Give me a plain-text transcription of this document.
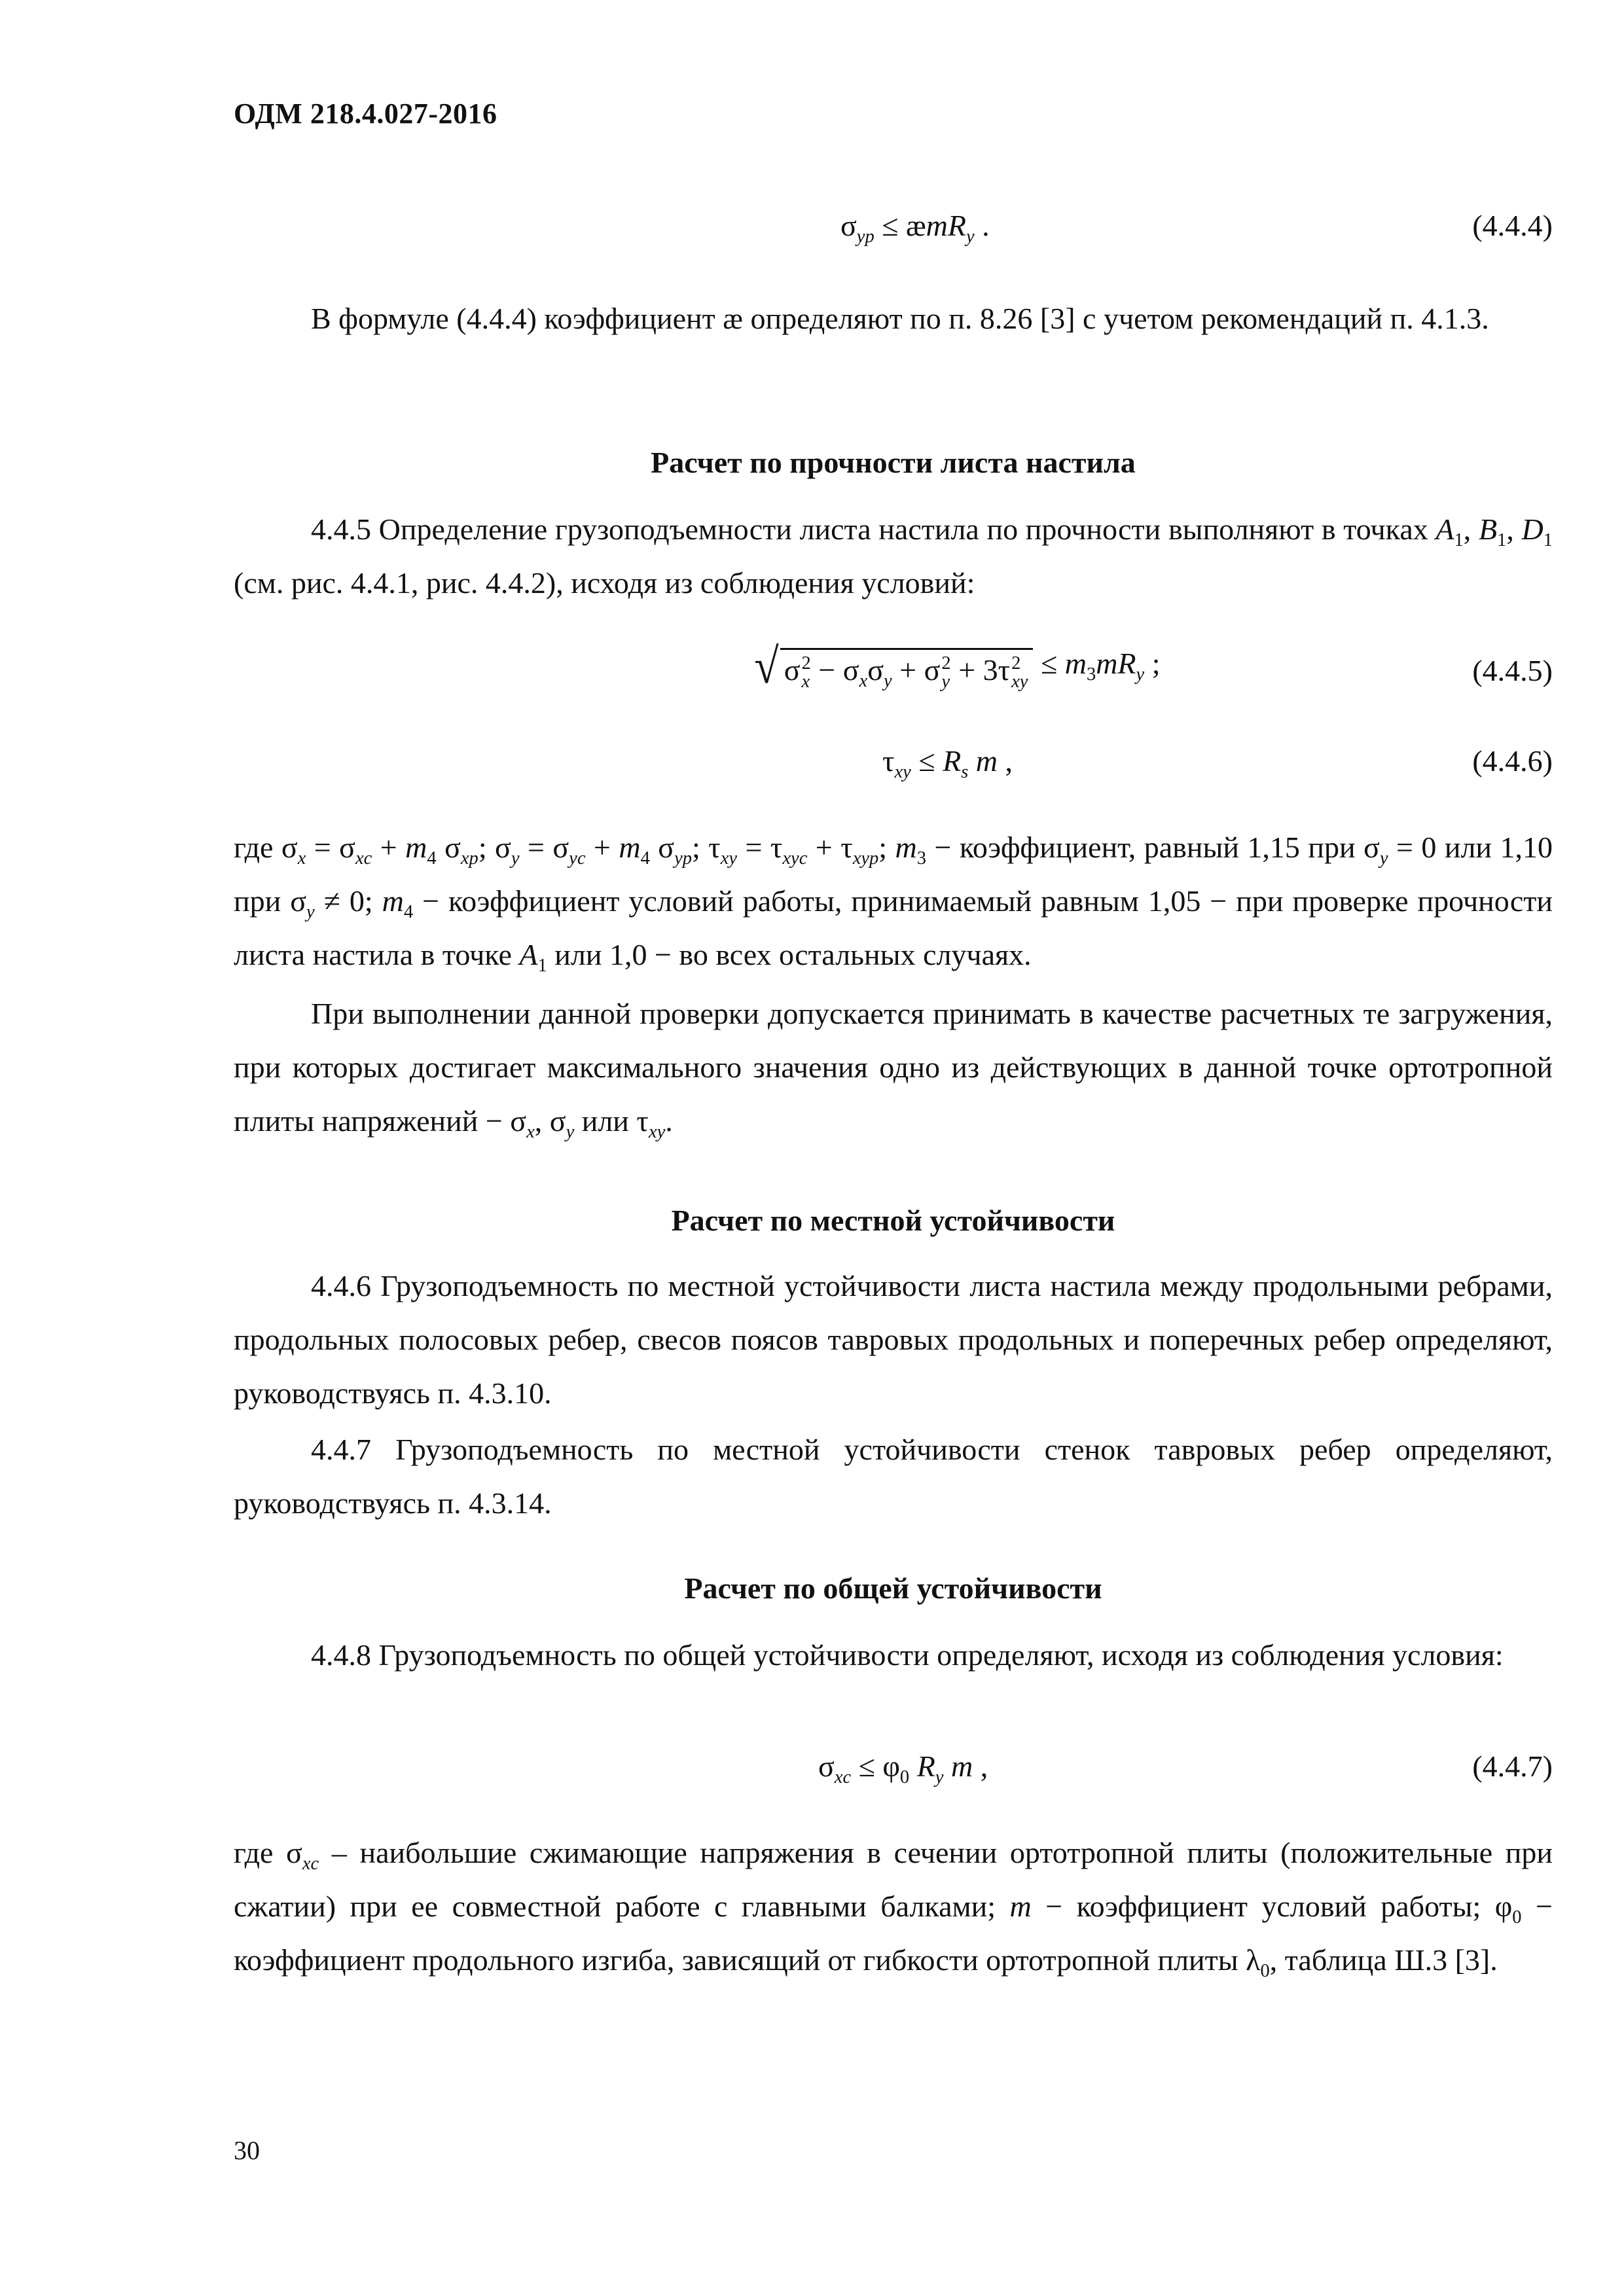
ОДМ 218.4.027-2016
$\sigma_{yp}$ ≤ æmR$_y$ .	(4.4.4)
В формуле (4.4.4) коэффициент æ определяют по п. 8.26 [3] с учетом рекомендаций п. 4.1.3.
Расчет по прочности листа настила
4.4.5 Определение грузоподъемности листа настила по прочности выполняют в точках $A_1$, $B_1$, $D_1$ (см. рис. 4.4.1, рис. 4.4.2), исходя из соблюдения условий:
√ σ 2
$x - \sigma_x\sigma_y + \sigma$ 2
y + 3τ 2
xy
≤ $m_3mR_y$ ;	(4.4.5)
$\tau_{xy} \le R_s$ m ,	(4.4.6)
где $\sigma_x = \sigma_{xc} + m_4$ $\sigma_{xp}$; $\sigma_y = \sigma_{yc} + m_4$ $\sigma_{yp}$; $\tau_{xy} = \tau_{xyc} + \tau_{xyp}$; $m_3$ − коэффициент, равный 1,15 при $\sigma_y = 0$ или 1,10 при $\sigma_y \ne 0$; $m_4$ − коэффициент условий работы, принимаемый равным 1,05 − при проверке прочности листа настила в точке $A_1$ или 1,0 − во всех остальных случаях.
При выполнении данной проверки допускается принимать в качестве расчетных те загружения, при которых достигает максимального значения одно из действующих в данной точке ортотропной плиты напряжений − $\sigma_x$, $\sigma_y$ или $\tau_{xy}$.
Расчет по местной устойчивости
4.4.6 Грузоподъемность по местной устойчивости листа настила между продольными ребрами, продольных полосовых ребер, свесов поясов тавровых продольных и поперечных ребер определяют, руководствуясь п. 4.3.10.
4.4.7 Грузоподъемность по местной устойчивости стенок тавровых ребер определяют, руководствуясь п. 4.3.14.
Расчет по общей устойчивости
4.4.8 Грузоподъемность по общей устойчивости определяют, исходя из соблюдения условия:
$\sigma_{xc} \le \varphi_0$ $R_y$ m ,	(4.4.7)
где $\sigma_{xc}$ – наибольшие сжимающие напряжения в сечении ортотропной плиты (положительные при сжатии) при ее совместной работе с главными балками; m − коэффициент условий работы; $\varphi_0$ − коэффициент продольного изгиба, зависящий от гибкости ортотропной плиты $\lambda_0$, таблица Ш.3 [3].
30
